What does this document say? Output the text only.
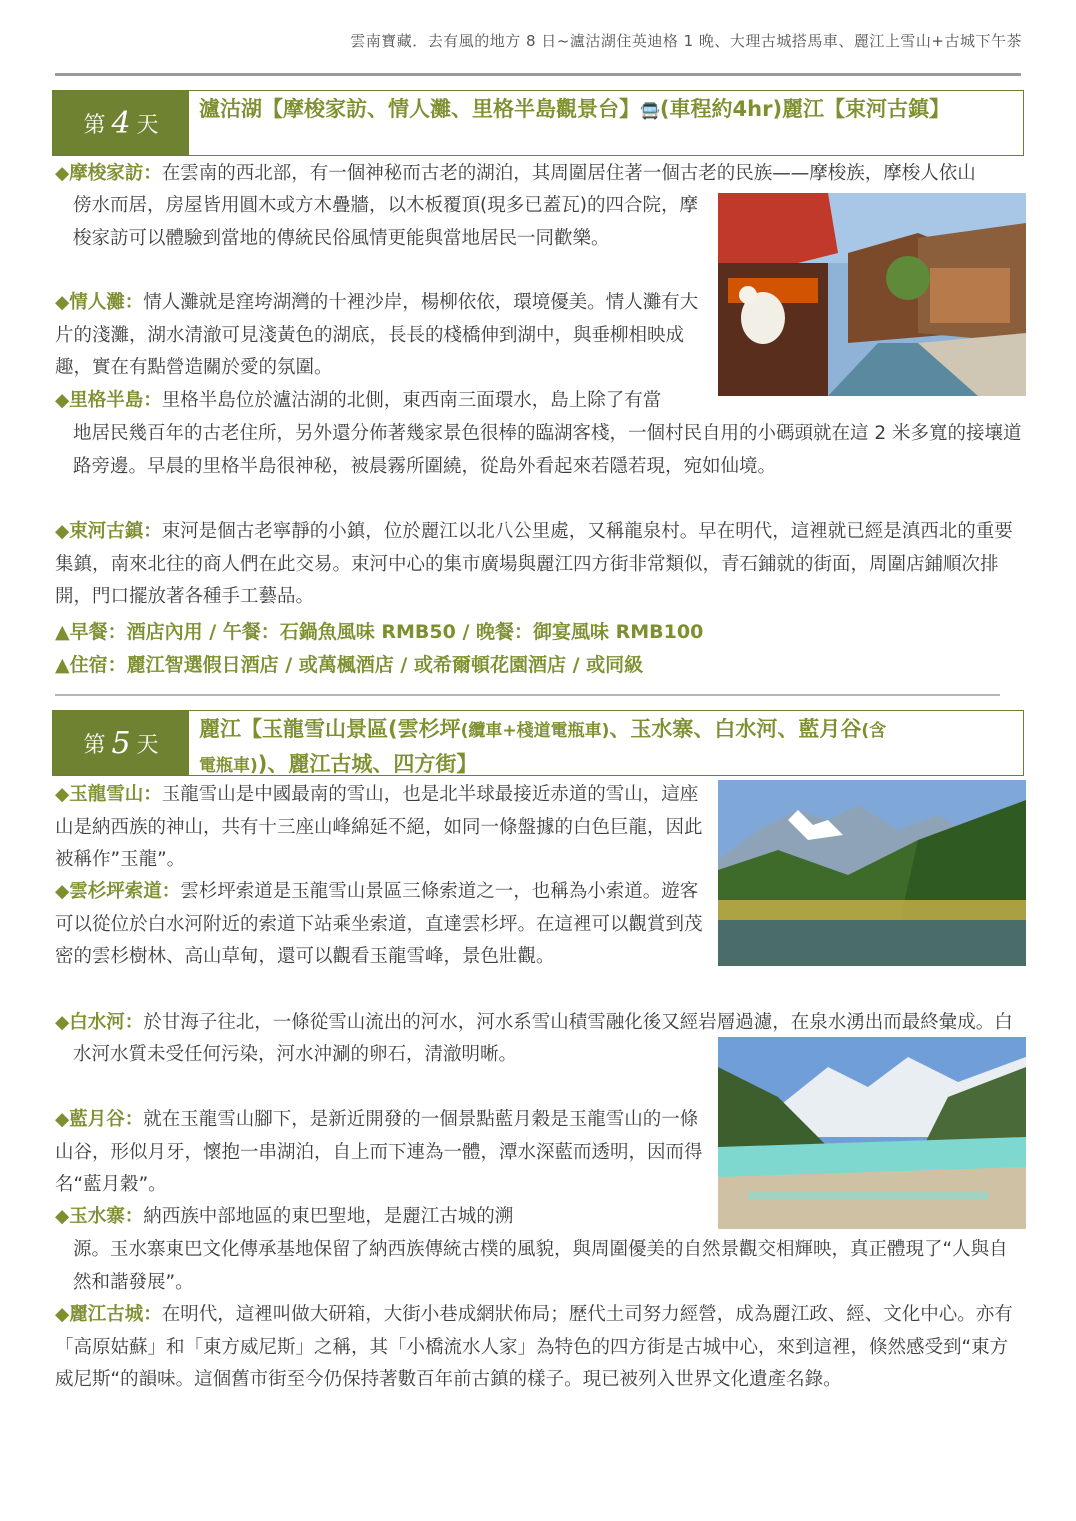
雲南寶藏．去有風的地方 8 日~瀘沽湖住英迪格 1 晚、大理古城搭馬車、麗江上雪山+古城下午茶
第 4 天
瀘沽湖【摩梭家訪、情人灘、里格半島觀景台】🚍(車程約4hr)麗江【束河古鎮】

◆摩梭家訪：在雲南的西北部，有一個神秘而古老的湖泊，其周圍居住著一個古老的民族——摩梭族，摩梭人依山

傍水而居，房屋皆用圓木或方木疊牆，以木板覆頂(現多已蓋瓦)的四合院，摩梭家訪可以體驗到當地的傳統民俗風情更能與當地居民一同歡樂。

◆情人灘：情人灘就是窪垮湖灣的十裡沙岸，楊柳依依，環境優美。情人灘有大片的淺灘，湖水清澈可見淺黃色的湖底，長長的棧橋伸到湖中，與垂柳相映成趣，實在有點營造關於愛的氛圍。

◆里格半島：里格半島位於瀘沽湖的北側，東西南三面環水，島上除了有當

地居民幾百年的古老住所，另外還分佈著幾家景色很棒的臨湖客棧，一個村民自用的小碼頭就在這 2 米多寬的接壤道路旁邊。早晨的里格半島很神秘，被晨霧所圍繞，從島外看起來若隱若現，宛如仙境。

◆束河古鎮：束河是個古老寧靜的小鎮，位於麗江以北八公里處，又稱龍泉村。早在明代，這裡就已經是滇西北的重要集鎮，南來北往的商人們在此交易。束河中心的集市廣場與麗江四方街非常類似，青石鋪就的街面，周圍店鋪順次排開，門口擺放著各種手工藝品。

▲早餐：酒店內用 / 午餐：石鍋魚風味 RMB50 / 晚餐：御宴風味 RMB100
▲住宿：麗江智選假日酒店 / 或萬楓酒店 / 或希爾頓花園酒店 / 或同級
第 5 天
麗江【玉龍雪山景區(雲杉坪(纜車+棧道電瓶車)、玉水寨、白水河、藍月谷(含
電瓶車))、麗江古城、四方街】

◆玉龍雪山：玉龍雪山是中國最南的雪山，也是北半球最接近赤道的雪山，這座山是納西族的神山，共有十三座山峰綿延不絕，如同一條盤據的白色巨龍，因此被稱作”玉龍”。

◆雲杉坪索道：雲杉坪索道是玉龍雪山景區三條索道之一，也稱為小索道。遊客可以從位於白水河附近的索道下站乘坐索道，直達雲杉坪。在這裡可以觀賞到茂密的雲杉樹林、高山草甸，還可以觀看玉龍雪峰，景色壯觀。

◆白水河：於甘海子往北，一條從雪山流出的河水，河水系雪山積雪融化後又經岩層過濾，在泉水湧出而最終彙成。白

水河水質未受任何污染，河水沖涮的卵石，清澈明晰。

◆藍月谷：就在玉龍雪山腳下，是新近開發的一個景點藍月穀是玉龍雪山的一條山谷，形似月牙，懷抱一串湖泊，自上而下連為一體，潭水深藍而透明，因而得名“藍月穀”。

◆玉水寨：納西族中部地區的東巴聖地，是麗江古城的溯

源。玉水寨東巴文化傳承基地保留了納西族傳統古樸的風貌，與周圍優美的自然景觀交相輝映，真正體現了“人與自然和諧發展”。

◆麗江古城：在明代，這裡叫做大研箱，大街小巷成網狀佈局；歷代土司努力經營，成為麗江政、經、文化中心。亦有「高原姑蘇」和「東方威尼斯」之稱，其「小橋流水人家」為特色的四方街是古城中心，來到這裡，倏然感受到“東方威尼斯“的韻味。這個舊市街至今仍保持著數百年前古鎮的樣子。現已被列入世界文化遺產名錄。
